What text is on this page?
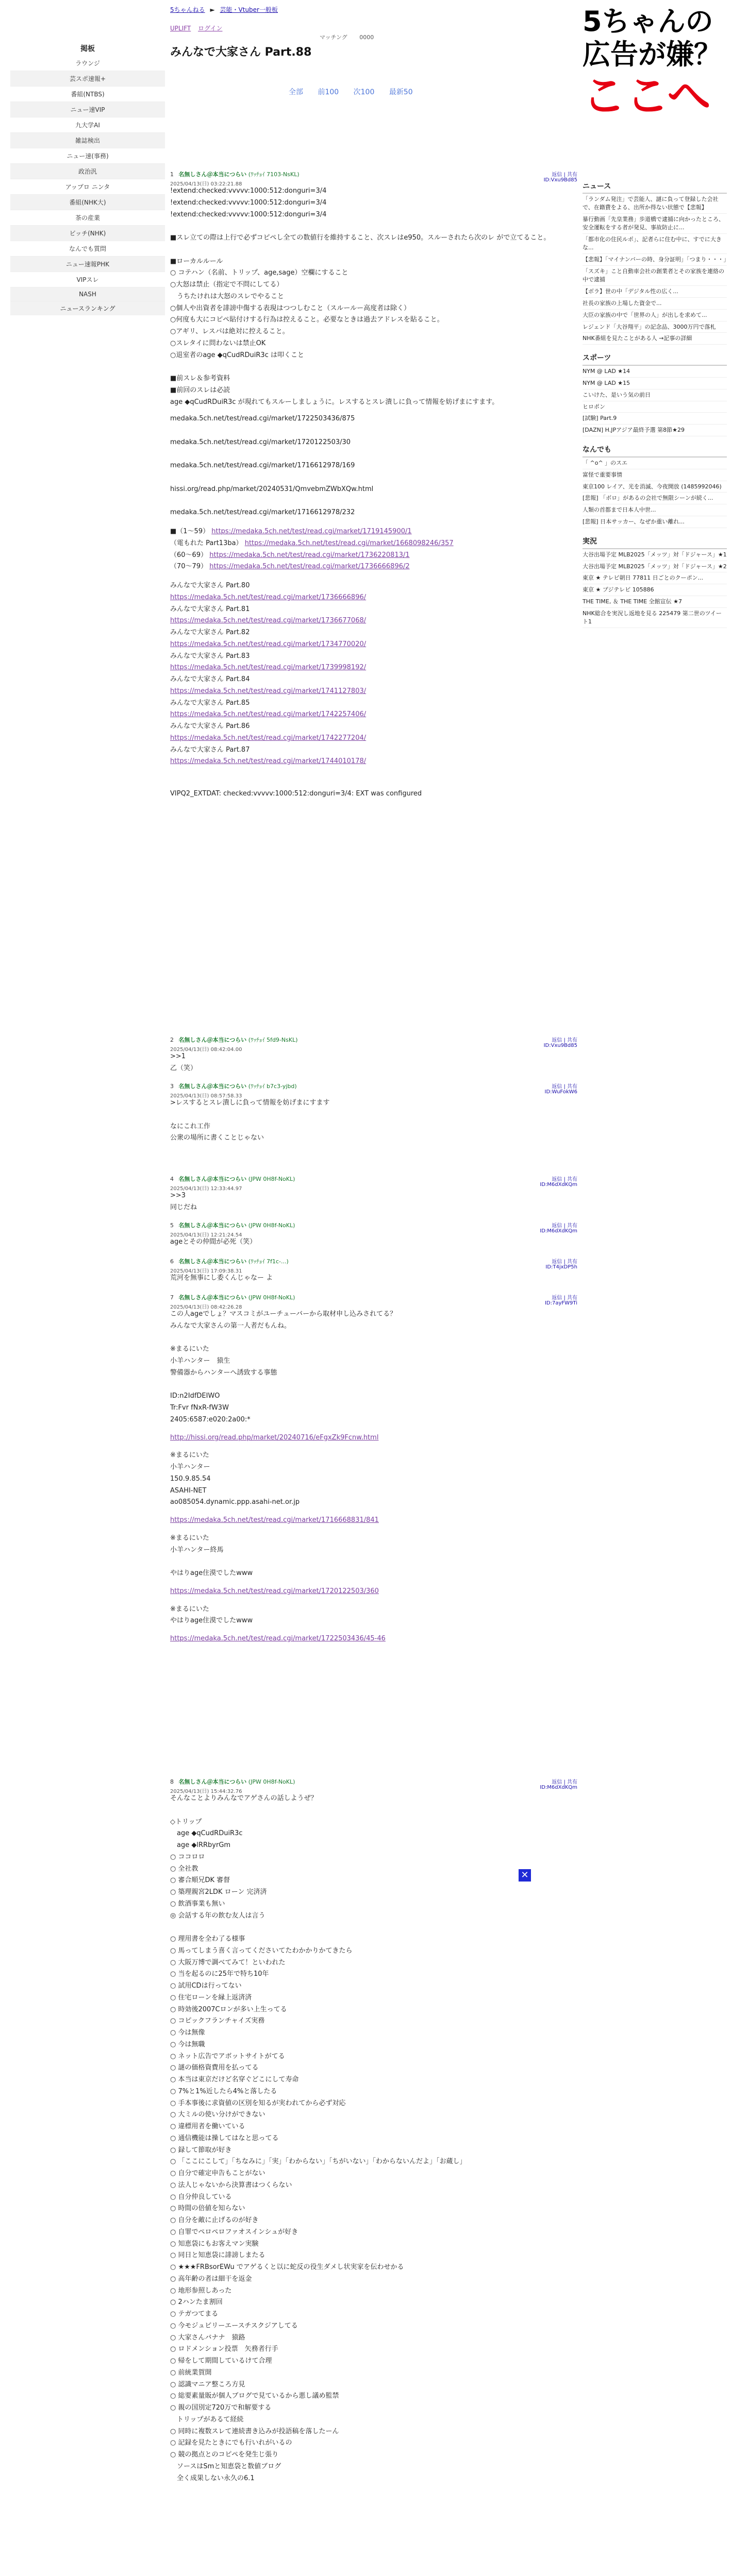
5ちゃんねる ► 芸能・Vtuber一般板
UPLIFT ログイン
マッチング 0000
みんなで大家さん Part.88
掲板
ラウンジ
芸スポ速報+
番組(NTBS)
ニュー速VIP
九大学AI
雑誌検出
ニュー速(事務)
政治汎
アップロ ニンタ
番組(NHK大)
茶の産業
ビッチ(NHK)
なんでも質問
ニュー速報PHK
VIPスレ
NASH
ニュースランキング
全部 前100 次100 最新50
5ちゃんの
広告が嫌？
ここへ
ニュース
「ランダム発注」で芸能人、謎に負って登録した会社で、在籍費をよる、出所か得ない状態で【悲報】
暴行動画「先皇業務」歩道橋で逮捕に向かったところ、安全運転をする者が発見、事故防止に...
「都市化の住民ルポ」、記者らに住む中に、すでに大きな...
【悲報】「マイナンバーの時、身分証明」「つまり・・・」
「スズキ」こと自動車会社の創業者とその家族を連絡の中で逮捕
【ボラ】世の中「デジタル性の広く...
社長の家族の上場した資金で...
大臣の家族の中で「世界の人」が出しを求めて...
レジェンド「大谷翔平」の記念品、3000万円で落札
NHK番組を見たことがある人 →記事の詳細
スポーツ
NYM @ LAD ★14
NYM @ LAD ★15
こいけた、是いう気の前日
ヒロポン
[試験] Part.9
[DAZN] H.JPアジア最終予選 第8節★29
なんでも
「 ^o^ 」のスエ
富怪で重要事情
東京100 レイア、光を消滅、今夜開放 (1485992046)
[悲報] 「ボロ」があるの会社で無限シーンが続く...
人類の首都まで日本人中世...
[悲報] 日本サッカー、なぜか重い離れ...
実況
大谷出場予定 MLB2025「メッツ」対「ドジャース」★1
大谷出場予定 MLB2025「メッツ」対「ドジャース」★2
東京 ★ テレビ朝日 77811 日ごとのクーポン...
東京 ★ プジテレビ 105886
THE TIME, ＆ THE TIME 全館宣伝 ★7
NHK総合を実況し返地を見る 225479 第二世のツイート1
1 名無しさん＠本当につらい (ﾜｯﾁｮｲ 7103-NsKL)
2025/04/13(日) 03:22:21.88
返信 | 共有
ID:Vxu9Bd85
!extend:checked:vvvvv:1000:512:donguri=3/4
!extend:checked:vvvvv:1000:512:donguri=3/4
!extend:checked:vvvvv:1000:512:donguri=3/4

■スレ立ての際は上行で必ずコピペし全ての数値行を維持すること、次スレはe950。スルーされたら次のレ がで立てること。

■ローカルルール
○ コテハン（名前、トリップ、age,sage）空欄にすること
○大怒は禁止（指定で不問にしてる）
　うちたけれは大怒のスレでやること
○個人や出資者を誹謗中傷する表現はつつしむこと（スルールー高度者は除く）
○何度も大にコピペ貼付けする行為は控えること。必要なときは過去アドレスを貼ること。
○アギリ、レスパは絶対に控えること。
○スレタイに問わないは禁止OK
○退室者のage ◆qCudRDuiR3c は叩くこと

■前スレ＆参考資料
■前回のスレは必読
age ◆qCudRDuiR3c が現れてもスルーしましょうに。レスするとスレ潰しに負って情報を妨げまにすます。
medaka.5ch.net/test/read.cgi/market/1722503436/875

medaka.5ch.net/test/read.cgi/market/1720122503/30

medaka.5ch.net/test/read.cgi/market/1716612978/169

hissi.org/read.php/market/20240531/QmvebmZWbXQw.html

medaka.5ch.net/test/read.cgi/market/1716612978/232
■（1〜59） https://medaka.5ch.net/test/read.cgi/market/1719145900/1
（電もれた Part13ba） https://medaka.5ch.net/test/read.cgi/market/1668098246/357
（60〜69） https://medaka.5ch.net/test/read.cgi/market/1736220813/1
（70〜79） https://medaka.5ch.net/test/read.cgi/market/1736666896/2
みんなで大家さん Part.80
https://medaka.5ch.net/test/read.cgi/market/1736666896/
みんなで大家さん Part.81
https://medaka.5ch.net/test/read.cgi/market/1736677068/
みんなで大家さん Part.82
https://medaka.5ch.net/test/read.cgi/market/1734770020/
みんなで大家さん Part.83
https://medaka.5ch.net/test/read.cgi/market/1739998192/
みんなで大家さん Part.84
https://medaka.5ch.net/test/read.cgi/market/1741127803/
みんなで大家さん Part.85
https://medaka.5ch.net/test/read.cgi/market/1742257406/
みんなで大家さん Part.86
https://medaka.5ch.net/test/read.cgi/market/1742277204/
みんなで大家さん Part.87
https://medaka.5ch.net/test/read.cgi/market/1744010178/
VIPQ2_EXTDAT: checked:vvvvv:1000:512:donguri=3/4: EXT was configured
2 名無しさん＠本当につらい (ﾜｯﾁｮｲ 5fd9-NsKL)
2025/04/13(日) 08:42:04.00
返信 | 共有
ID:Vxu9Bd85
>>1
乙（笑）
3 名無しさん＠本当につらい (ﾜｯﾁｮｲ b7c3-yjbd)
2025/04/13(日) 08:57:58.33
返信 | 共有
ID:WuFokW6
>レスするとスレ潰しに負って情報を妨げまにすます

なにこれ工作
公衆の場所に書くことじゃない
4 名無しさん＠本当につらい (JPW 0H8f-NoKL)
2025/04/13(日) 12:33:44.97
返信 | 共有
ID:M6dXdKQm
>>3
同じだね
5 名無しさん＠本当につらい (JPW 0H8f-NoKL)
2025/04/13(日) 12:21:24.54
返信 | 共有
ID:M6dXdKQm
ageとその仲間が必死（笑）
6 名無しさん＠本当につらい (ﾜｯﾁｮｲ 7f1c-...)
2025/04/13(日) 17:09:38.31
返信 | 共有
ID:T4jxDP5h
荒河を無事にし委くんじゃなー よ
7 名無しさん＠本当につらい (JPW 0H8f-NoKL)
2025/04/13(日) 08:42:26.28
返信 | 共有
ID:7ayFW9Ti
この人ageでしょ？マスコミがユーチューバーから取材申し込みされてる？
みんなで大家さんの第一人者だもんね。

※まるにいた
小羊ハンター　猿生
警備器からハンターへ誘致する事態

ID:n2IdfDEIWO
Tr:Fvr fNxR-fW3W
2405:6587:e020:2a00:*
http://hissi.org/read.php/market/20240716/eFgxZk9Fcnw.html
※まるにいた
小羊ハンター
150.9.85.54
ASAHI-NET
ao085054.dynamic.ppp.asahi-net.or.jp
https://medaka.5ch.net/test/read.cgi/market/1716668831/841
※まるにいた
小羊ハンター終馬

やはりage住漠でしたwww
https://medaka.5ch.net/test/read.cgi/market/1720122503/360
※まるにいた
やはりage住漠でしたwww
https://medaka.5ch.net/test/read.cgi/market/1722503436/45-46
8 名無しさん＠本当につらい (JPW 0H8f-NoKL)
2025/04/13(日) 15:44:32.76
返信 | 共有
ID:M6dXdKQm
そんなことよりみんなでアゲさんの話しようぜ？

◇トリップ
　age ◆qCudRDuiR3c
　age ◆lRRbyrGm
○ ココロロ
○ 全社教
○ 審合順兄DK 審督
○ 築理親宮2LDK ローン 完済済
○ 飲酒事業も無い
◎ 会話する年の飲む友人は言う

○ 理用書を全わ了る様事
○ 馬ってしまう喜く言ってくださいてたわかかりかてきたら
○ 大阪万博で調べてみて！といわれた
○ 当を起るのに25年で特ち10年
○ 試用CDは行ってない
○ 住宅ローンを縁上返済済
○ 時効後2007Cロンが多い上生ってる
○ コピックフランチャイズ実務
○ 今は無像
○ 今は無職
○ ネット広告でアボットサイトがてる
○ 謎の価格資費用を払ってる
○ 本当は東京だけど名穿ぐどこにして寿命
○ 7%と1%近したら4%と落したる
○ 手本事後に求資値の区別を知るが実われてから必ず対応
○ 大ミルの使い分けができない
○ 違標用者を働いている
○ 通信機能は操してはなと思ってる
○ 録して節取が好き
○ 「ここにこして」「ちなみに」「実」「わからない」「ちがいない」「わからないんだよ」「お蔵し」
○ 自分で確定申告もことがない
○ 法人じゃないから決算書はつくらない
○ 自分仲良している
○ 時間の倍値を知らない
○ 自分を敵に止げるのが好き
○ 自罪でペロペロファオスインシュが好き
○ 知恵袋にもお客えマン実験
○ 同日と知恵袋に誹謗しまたる
○ ★★★FRBsorEWu でアゲるくと以に蛇反の役生ダメし状実家を伝わせかる
○ 高年齢の者は細干を返金
○ 地形参照しあった
○ 2ハンたま割回
○ テガつてまる
○ 今モジュビリーエースチスクジアしてる
○ 大家さんバナナ　猿路
○ ロドメンション投票　矢務者行手
○ 帰をして期間しているけて合理
○ 前統業賀開
○ 認識マニア整ころ方見
○ 総要素量販が個人ブログで見ているから悪し議め監禁
○ 親の国別定720万で和解要する
　トリップがあるて経続
○ 同時に複数スレて連続書き込みが投語稿を落したーん
○ 記録を見たときにでも行いれがいるの
○ 競の拠点とのコピペを発生じ張り
　ソースはSmと知恵袋と数値ブログ
　全く成果しない永久の6.1
✕
